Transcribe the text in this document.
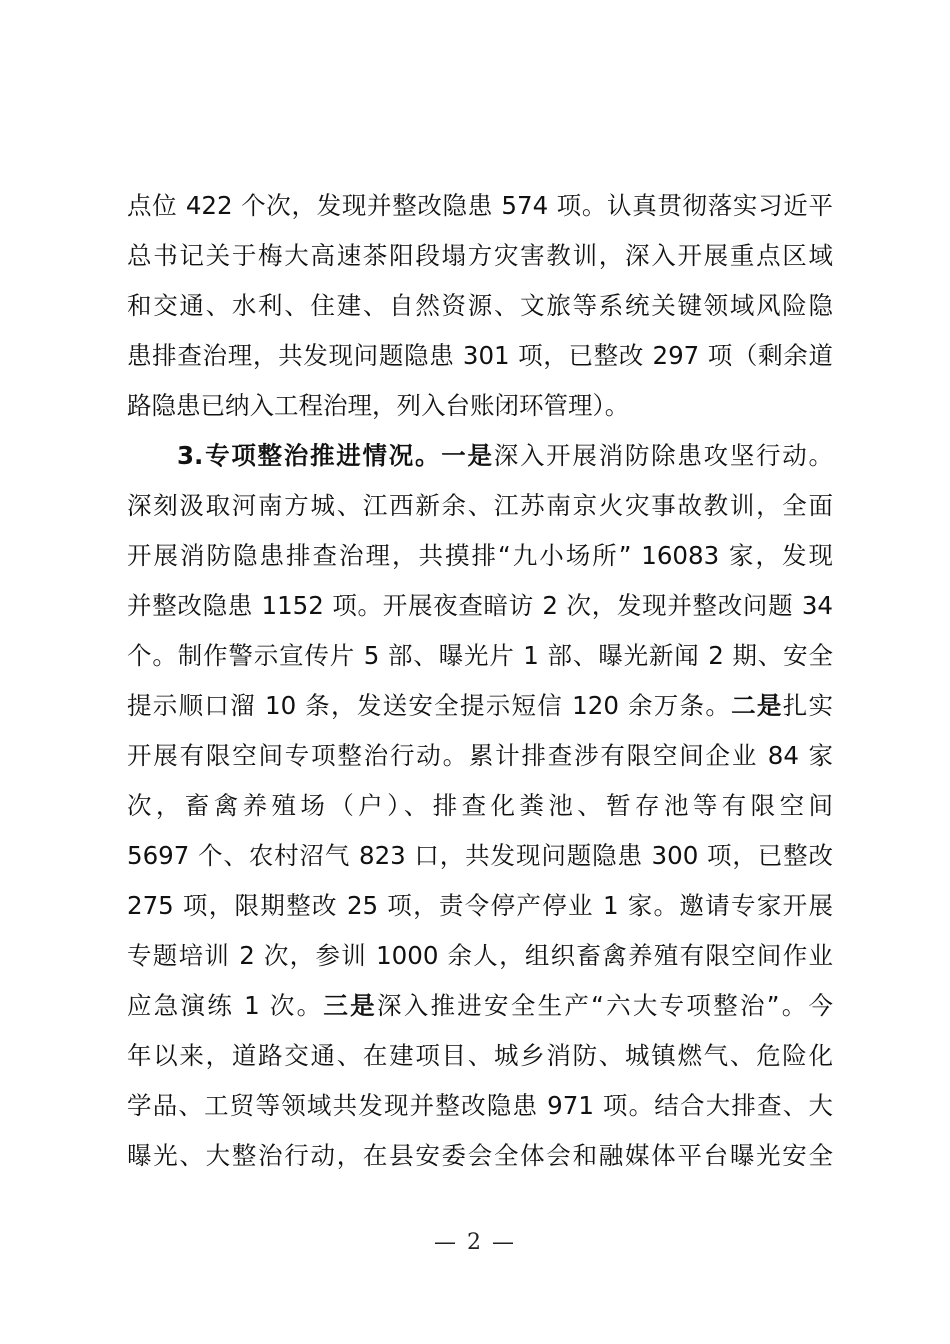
点位 422 个次，发现并整改隐患 574 项。认真贯彻落实习近平
总书记关于梅大高速茶阳段塌方灾害教训，深入开展重点区域
和交通、水利、住建、自然资源、文旅等系统关键领域风险隐
患排查治理，共发现问题隐患 301 项，已整改 297 项（剩余道
路隐患已纳入工程治理，列入台账闭环管理）。
3.专项整治推进情况。一是深入开展消防除患攻坚行动。
深刻汲取河南方城、江西新余、江苏南京火灾事故教训，全面
开展消防隐患排查治理，共摸排“九小场所” 16083 家，发现
并整改隐患 1152 项。开展夜查暗访 2 次，发现并整改问题 34
个。制作警示宣传片 5 部、曝光片 1 部、曝光新闻 2 期、安全
提示顺口溜 10 条，发送安全提示短信 120 余万条。二是扎实
开展有限空间专项整治行动。累计排查涉有限空间企业 84 家
次，畜禽养殖场（户）、排查化粪池、暂存池等有限空间
5697 个、农村沼气 823 口，共发现问题隐患 300 项，已整改
275 项，限期整改 25 项，责令停产停业 1 家。邀请专家开展
专题培训 2 次，参训 1000 余人，组织畜禽养殖有限空间作业
应急演练 1 次。三是深入推进安全生产“六大专项整治”。今
年以来，道路交通、在建项目、城乡消防、城镇燃气、危险化
学品、工贸等领域共发现并整改隐患 971 项。结合大排查、大
曝光、大整治行动，在县安委会全体会和融媒体平台曝光安全
— 2 —
